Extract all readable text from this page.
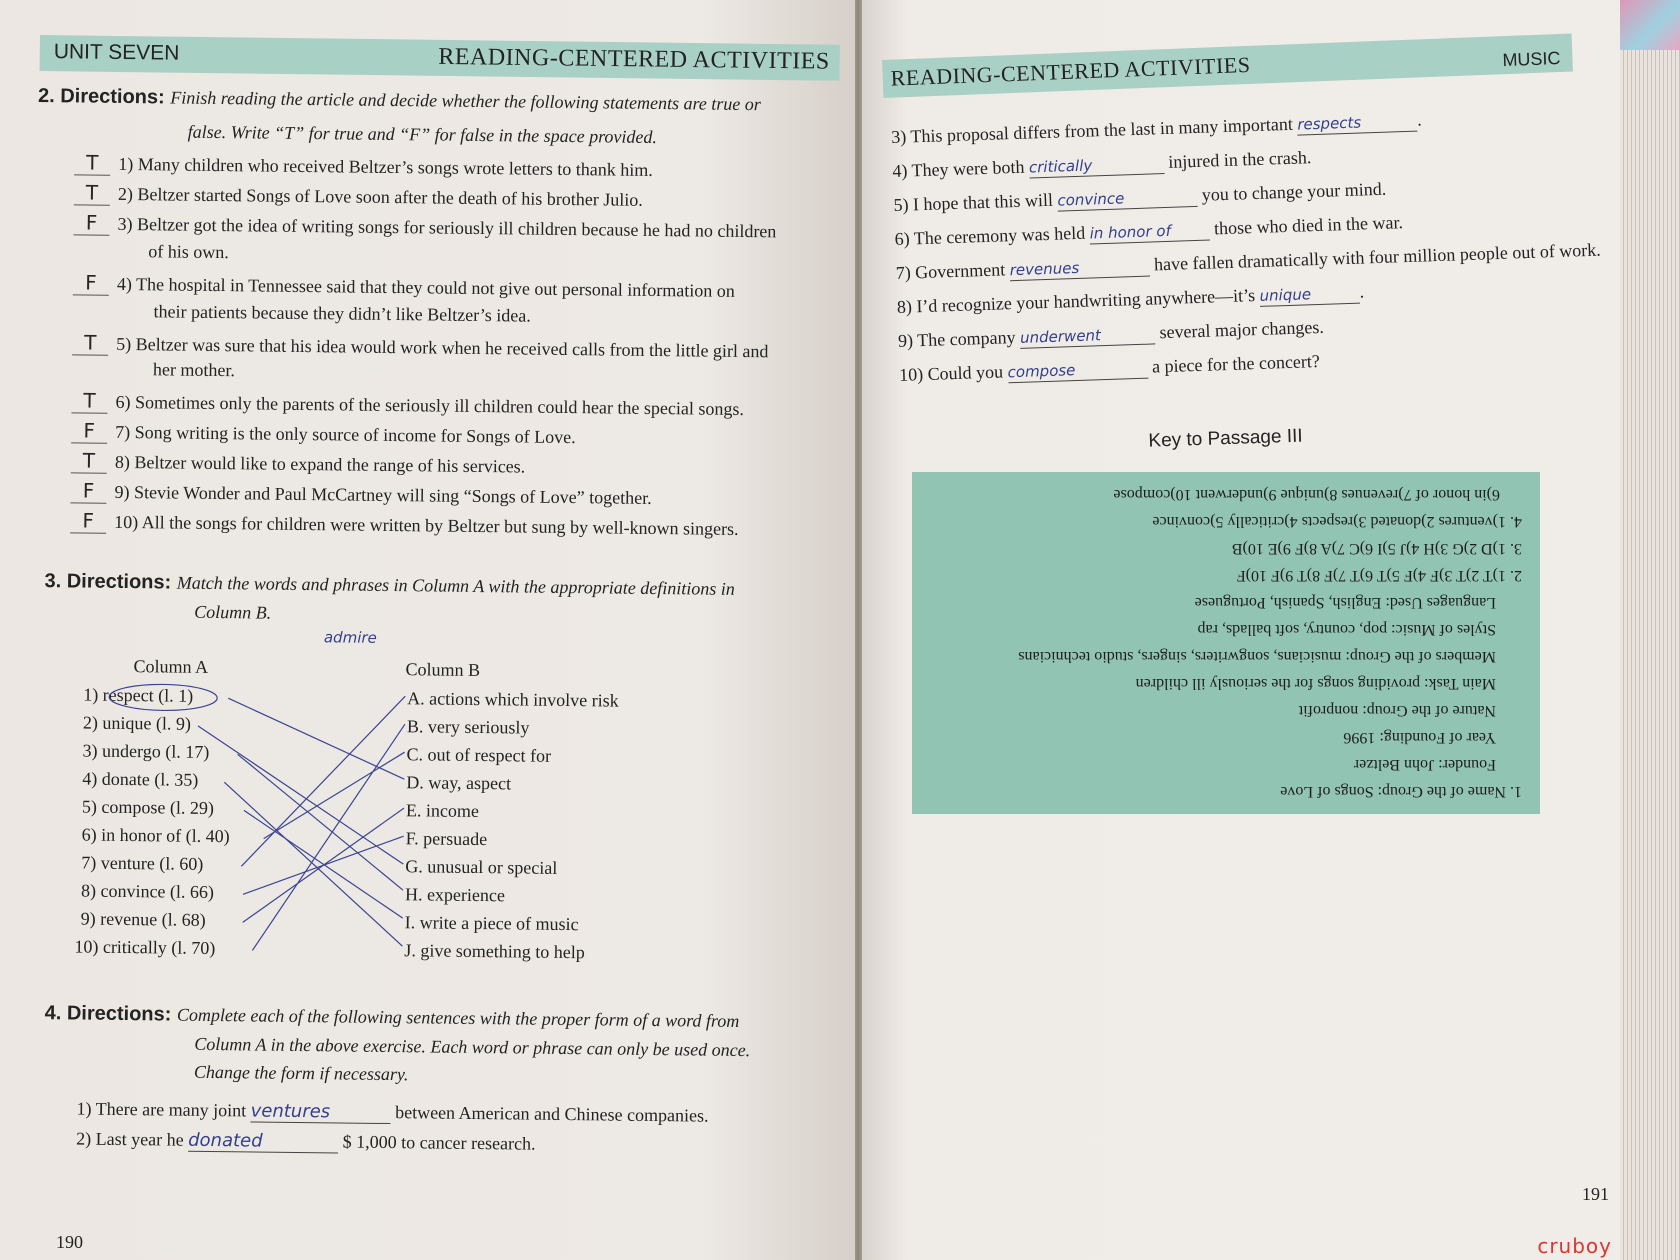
UNIT SEVEN	READING-CENTERED ACTIVITIES
2. Directions: Finish reading the article and decide whether the following statements are true or
false. Write “T” for true and “F” for false in the space provided.
T 1) Many children who received Beltzer’s songs wrote letters to thank him.
T 2) Beltzer started Songs of Love soon after the death of his brother Julio.
F 3) Beltzer got the idea of writing songs for seriously ill children because he had no children
of his own.
F 4) The hospital in Tennessee said that they could not give out personal information on
their patients because they didn’t like Beltzer’s idea.
T 5) Beltzer was sure that his idea would work when he received calls from the little girl and
her mother.
T 6) Sometimes only the parents of the seriously ill children could hear the special songs.
F 7) Song writing is the only source of income for Songs of Love.
T 8) Beltzer would like to expand the range of his services.
F 9) Stevie Wonder and Paul McCartney will sing “Songs of Love” together.
F 10) All the songs for children were written by Beltzer but sung by well-known singers.
3. Directions: Match the words and phrases in Column A with the appropriate definitions in
Column B.
admire
Column A	Column B
1) respect (l. 1)
2) unique (l. 9)
3) undergo (l. 17)
4) donate (l. 35)
5) compose (l. 29)
6) in honor of (l. 40)
7) venture (l. 60)
8) convince (l. 66)
9) revenue (l. 68)
10) critically (l. 70)
A. actions which involve risk
B. very seriously
C. out of respect for
D. way, aspect
E. income
F. persuade
G. unusual or special
H. experience
I. write a piece of music
J. give something to help
4. Directions: Complete each of the following sentences with the proper form of a word from
Column A in the above exercise. Each word or phrase can only be used once.
Change the form if necessary.
1) There are many joint ventures	between American and Chinese companies.
2) Last year he donated	$ 1,000 to cancer research.
190
READING-CENTERED ACTIVITIES	MUSIC
3) This proposal differs from the last in many important respects	.
4) They were both critically	injured in the crash.
5) I hope that this will convince	you to change your mind.
6) The ceremony was held in honor of those who died in the war.
7) Government revenues	have fallen dramatically with four million people out of work.
8) I’d recognize your handwriting anywhere—it’s unique	.
9) The company underwent	several major changes.
10) Could you compose	a piece for the concert?
Key to Passage III
1. Name of the Group: Songs of Love
Founder: John Beltzer
Year of Founding: 1996
Nature of the Group: nonprofit
Main Task: providing songs for the seriously ill children
Members of the Group: musicians, songwriters, singers, studio technicians
Styles of Music: pop, country, soft ballads, rap
Languages Used: English, Spanish, Portuguese
2. 1)T 2)T 3)F 4)F 5)T 6)T 7)F 8)T 9)F 10)F
3. 1)D 2)G 3)H 4)J 5)I 6)C 7)A 8)F 9)E 10)B
4. 1)ventures 2)donated 3)respects 4)critically 5)convince
6)in honor of 7)revenues 8)unique 9)underwent 10)compose
191
cruboy
